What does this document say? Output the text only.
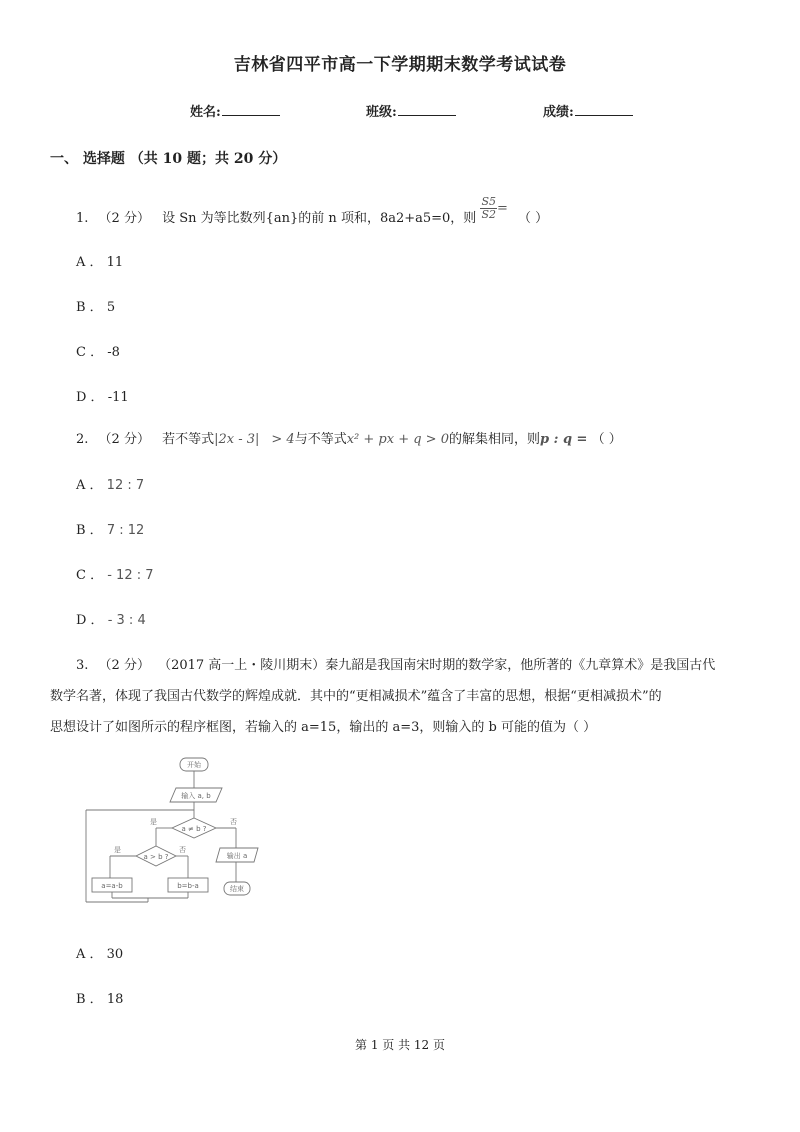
吉林省四平市高一下学期期末数学考试试卷
姓名:	班级:	成绩:
一、 选择题 （共 10 题；共 20 分）
1. （2 分） 设 Sn 为等比数列{an}的前 n 项和，8a2+a5=0，则 $\frac{S5}{S2}=$ （ ）
A ． 11
B ． 5
C ． -8
D ． -11
2. （2 分） 若不等式|2x - 3| > 4与不等式x² + px + q > 0的解集相同，则p : q = （ ）
A ． 12 : 7
B ． 7 : 12
C ． - 12 : 7
D ． - 3 : 4
3. （2 分） （2017 高一上・陵川期末）秦九韶是我国南宋时期的数学家，他所著的《九章算术》是我国古代
数学名著，体现了我国古代数学的辉煌成就．其中的“更相减损术”蕴含了丰富的思想，根据“更相减损术”的
思想设计了如图所示的程序框图，若输入的 a=15，输出的 a=3，则输入的 b 可能的值为（ ）
开始
输入 a, b
a ≠ b ?
是	否
a > b ?
是	否
a=a-b	b=b-a
输出 a
结束
A ． 30
B ． 18
第 1 页 共 12 页
